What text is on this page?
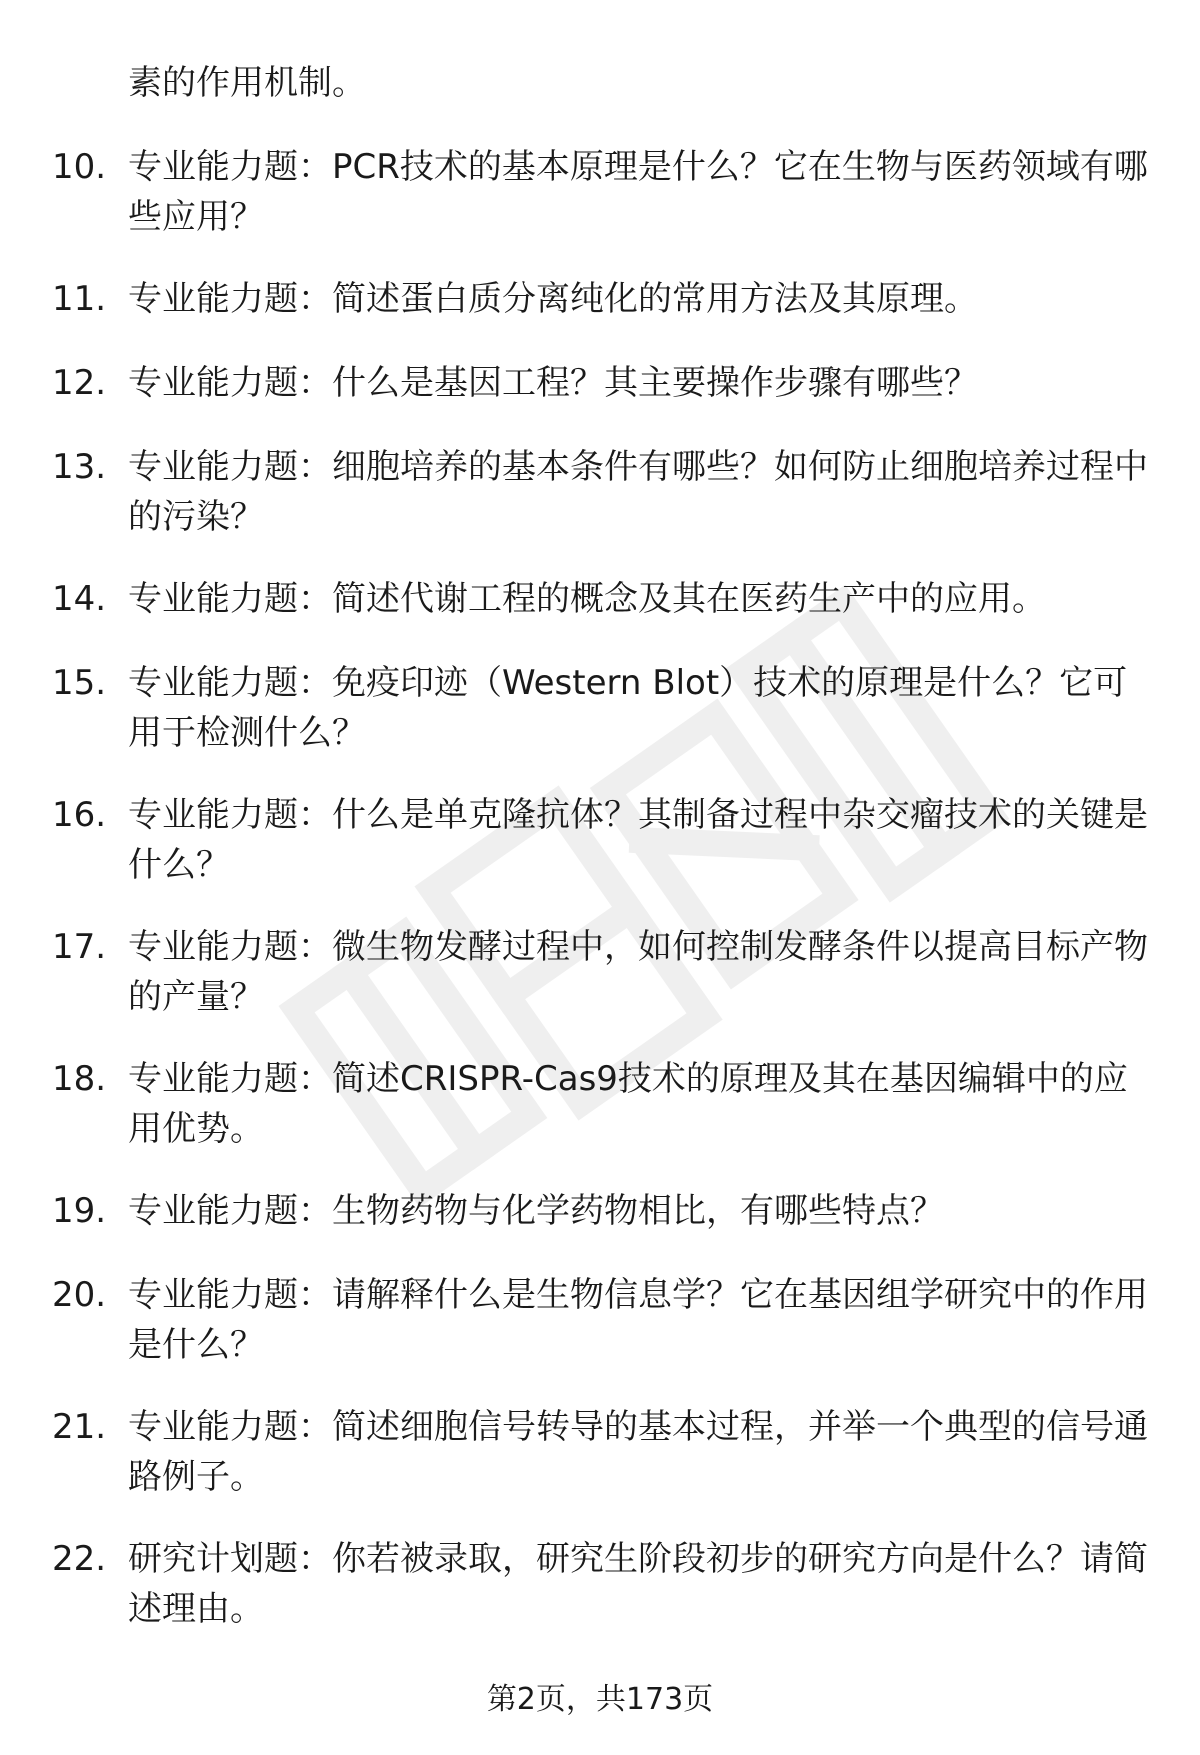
素的作用机制。

10. 专业能力题：PCR技术的基本原理是什么？它在生物与医药领域有哪些应用？
11. 专业能力题：简述蛋白质分离纯化的常用方法及其原理。
12. 专业能力题：什么是基因工程？其主要操作步骤有哪些？
13. 专业能力题：细胞培养的基本条件有哪些？如何防止细胞培养过程中的污染？
14. 专业能力题：简述代谢工程的概念及其在医药生产中的应用。
15. 专业能力题：免疫印迹（Western Blot）技术的原理是什么？它可用于检测什么？
16. 专业能力题：什么是单克隆抗体？其制备过程中杂交瘤技术的关键是什么？
17. 专业能力题：微生物发酵过程中，如何控制发酵条件以提高目标产物的产量？
18. 专业能力题：简述CRISPR-Cas9技术的原理及其在基因编辑中的应用优势。
19. 专业能力题：生物药物与化学药物相比，有哪些特点？
20. 专业能力题：请解释什么是生物信息学？它在基因组学研究中的作用是什么？
21. 专业能力题：简述细胞信号转导的基本过程，并举一个典型的信号通路例子。
22. 研究计划题：你若被录取，研究生阶段初步的研究方向是什么？请简述理由。
第2页，共173页
